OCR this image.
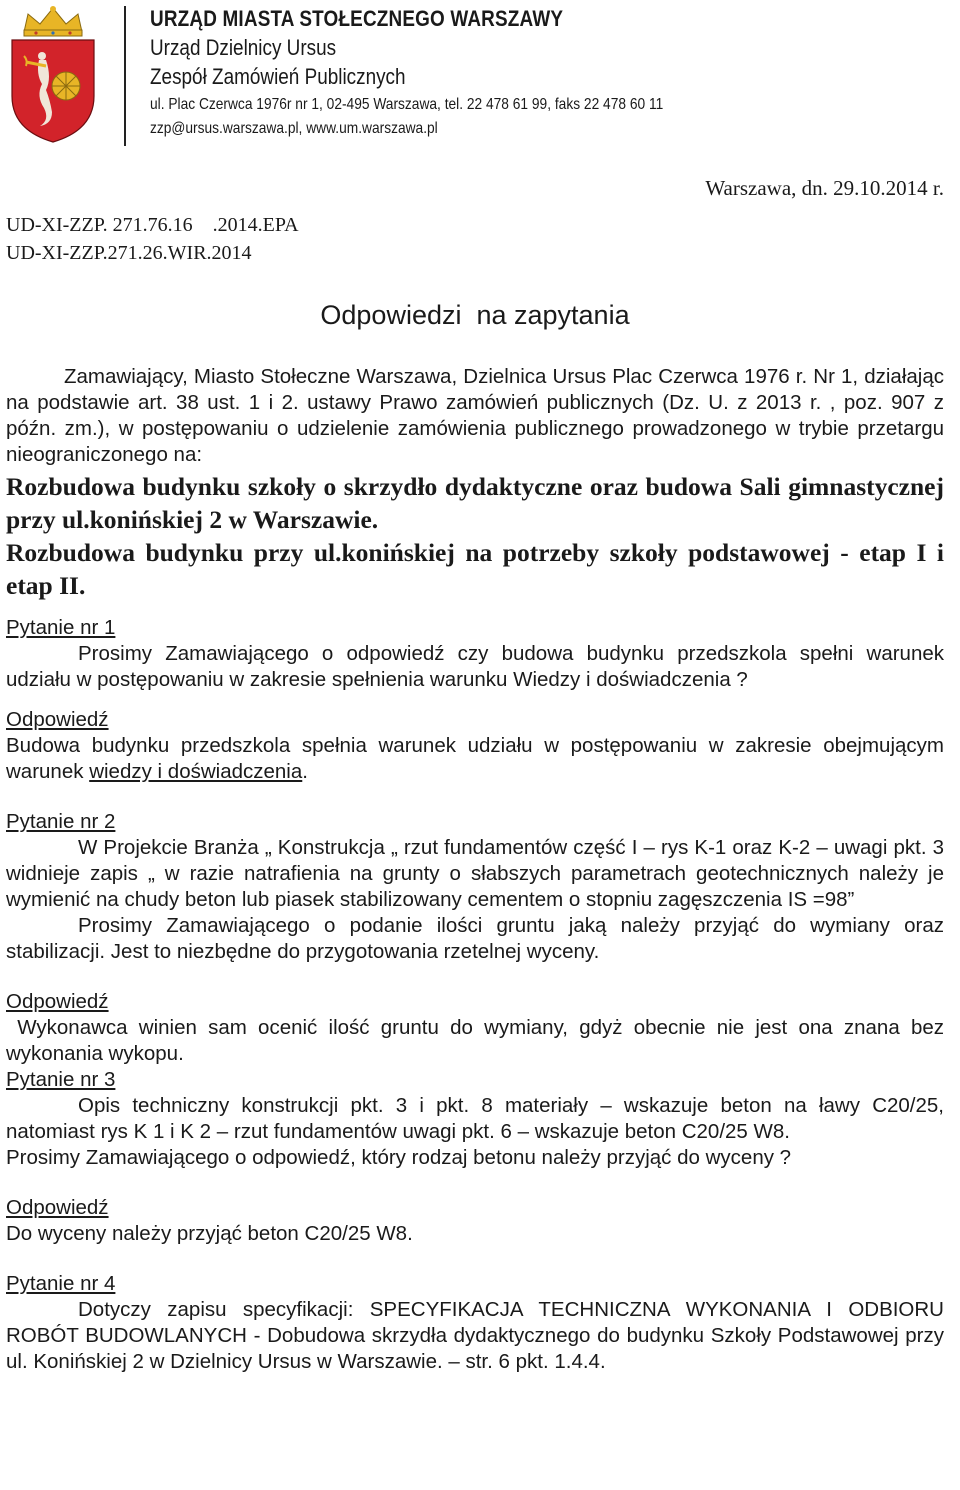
URZĄD MIASTA STOŁECZNEGO WARSZAWY
Urząd Dzielnicy Ursus
Zespół Zamówień Publicznych
ul. Plac Czerwca 1976r nr 1, 02-495 Warszawa, tel. 22 478 61 99, faks 22 478 60 11
zzp@ursus.warszawa.pl, www.um.warszawa.pl
UD-XI-ZZP. 271.76.16    .2014.EPA
UD-XI-ZZP.271.26.WIR.2014
Warszawa, dn. 29.10.2014 r.
Odpowiedzi  na zapytania

Zamawiający, Miasto Stołeczne Warszawa, Dzielnica Ursus Plac Czerwca 1976 r. Nr 1, działając na podstawie art. 38 ust. 1 i 2. ustawy Prawo zamówień publicznych (Dz. U. z 2013 r. , poz. 907 z późn. zm.), w postępowaniu o udzielenie zamówienia publicznego prowadzonego w trybie przetargu nieograniczonego na:

Rozbudowa budynku szkoły o skrzydło dydaktyczne oraz budowa Sali gimnastycznej przy ul.konińskiej 2 w Warszawie.

Rozbudowa budynku przy ul.konińskiej na potrzeby szkoły podstawowej - etap I i etap II.

Pytanie nr 1

Prosimy Zamawiającego o odpowiedź czy budowa budynku przedszkola spełni warunek udziału w postępowaniu w zakresie spełnienia warunku Wiedzy i doświadczenia ?

Odpowiedź

Budowa budynku przedszkola spełnia warunek udziału w postępowaniu w zakresie obejmującym warunek wiedzy i doświadczenia.

Pytanie nr 2

W Projekcie Branża „ Konstrukcja „ rzut fundamentów część I – rys K-1 oraz K-2 – uwagi pkt. 3 widnieje zapis „ w razie natrafienia na grunty o słabszych parametrach geotechnicznych należy je wymienić na chudy beton lub piasek stabilizowany cementem o stopniu zagęszczenia IS =98”

Prosimy Zamawiającego o podanie ilości gruntu jaką należy przyjąć do wymiany oraz stabilizacji. Jest to niezbędne do przygotowania rzetelnej wyceny.

Odpowiedź

Wykonawca winien sam ocenić ilość gruntu do wymiany, gdyż obecnie nie jest ona znana bez wykonania wykopu.

Pytanie nr 3

Opis techniczny konstrukcji pkt. 3 i pkt. 8 materiały – wskazuje beton na ławy C20/25, natomiast rys K 1 i K 2 – rzut fundamentów uwagi pkt. 6 – wskazuje beton C20/25 W8.

Prosimy Zamawiającego o odpowiedź, który rodzaj betonu należy przyjąć do wyceny ?

Odpowiedź

Do wyceny należy przyjąć beton C20/25 W8.

Pytanie nr 4

Dotyczy zapisu specyfikacji: SPECYFIKACJA TECHNICZNA WYKONANIA I ODBIORU ROBÓT BUDOWLANYCH - Dobudowa skrzydła dydaktycznego do budynku Szkoły Podstawowej przy ul. Konińskiej 2 w Dzielnicy Ursus w Warszawie. – str. 6 pkt. 1.4.4.
